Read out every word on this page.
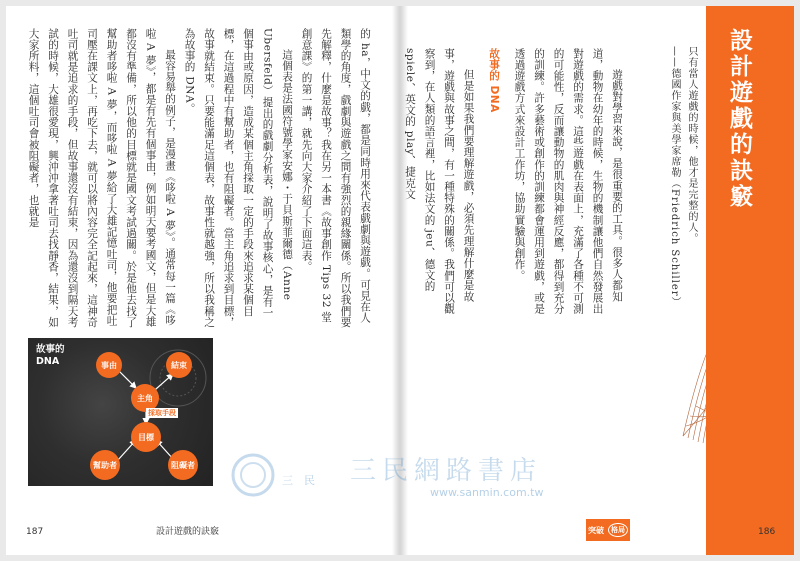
的 ha，中文的戲，都是同時用來代表戲劇與遊戲。可見在人類學的角度，戲劇與遊戲之間有強烈的親緣關係。所以我們要先解釋，什麼是故事？我在另一本書《故事創作 Tips 32 堂創意課》的第一講，就先向大家介紹了下面這表。

這個表是法國符號學家安娜・于貝斯菲爾德（Anne Ubersfeld）提出的戲劇分析表，說明了故事核心，是有一個事由或原因，造成某個主角採取一定的手段來追求某個目標，在這過程中有幫助者，也有阻礙者。當主角追求到目標，故事就結束。只要能滿足這個表，故事性就越強，所以我稱之為故事的 DNA。

最容易舉的例子，是漫畫《哆啦 A 夢》。通常每一篇《哆啦 A 夢》，都是有先有個事由，例如明天要考國文，但是大雄都沒有準備，所以他的目標就是國文考試過關。於是他去找了幫助者哆啦 A 夢，而哆啦 A 夢給了大雄記憶吐司，他要把吐司壓在課文上，再吃下去，就可以將內容完全記起來，這神奇吐司就是追求的手段，但故事還沒有結束，因為還沒到隔天考試的時候，大雄很愛現，興沖沖拿著吐司去找靜香，結果，如大家所料，這個吐司會被阻礙者，也就是

故事的
DNA	事由	結束
主角
採取手段
目標
幫助者	阻礙者
187	設計遊戲的訣竅

遊戲對學習來說，是很重要的工具。很多人都知道，動物在幼年的時候，生物的機制讓他們自然發展出對遊戲的需求。這些遊戲在表面上，充滿了各種不可測的可能性，反而讓動物的肌肉與神經反應，都得到充分的訓練。許多藝術或創作的訓練都會運用到遊戲，或是透過遊戲方式來設計工作坊，協助實驗與創作。

故事的 DNA

但是如果我們要理解遊戲，必須先理解什麼是故事，遊戲與故事之間，有一種特殊的關係。我們可以觀察到，在人類的語言裡，比如法文的 jeu、德文的 spiele、英文的 play、捷克文	只有當人遊戲的時候，他才是完整的人。 ——德國作家與美學家席勒（Friedrich Schiller）	設計遊戲的訣竅
突破	格局	186
三　民 三民網路書店
www.sanmin.com.tw
